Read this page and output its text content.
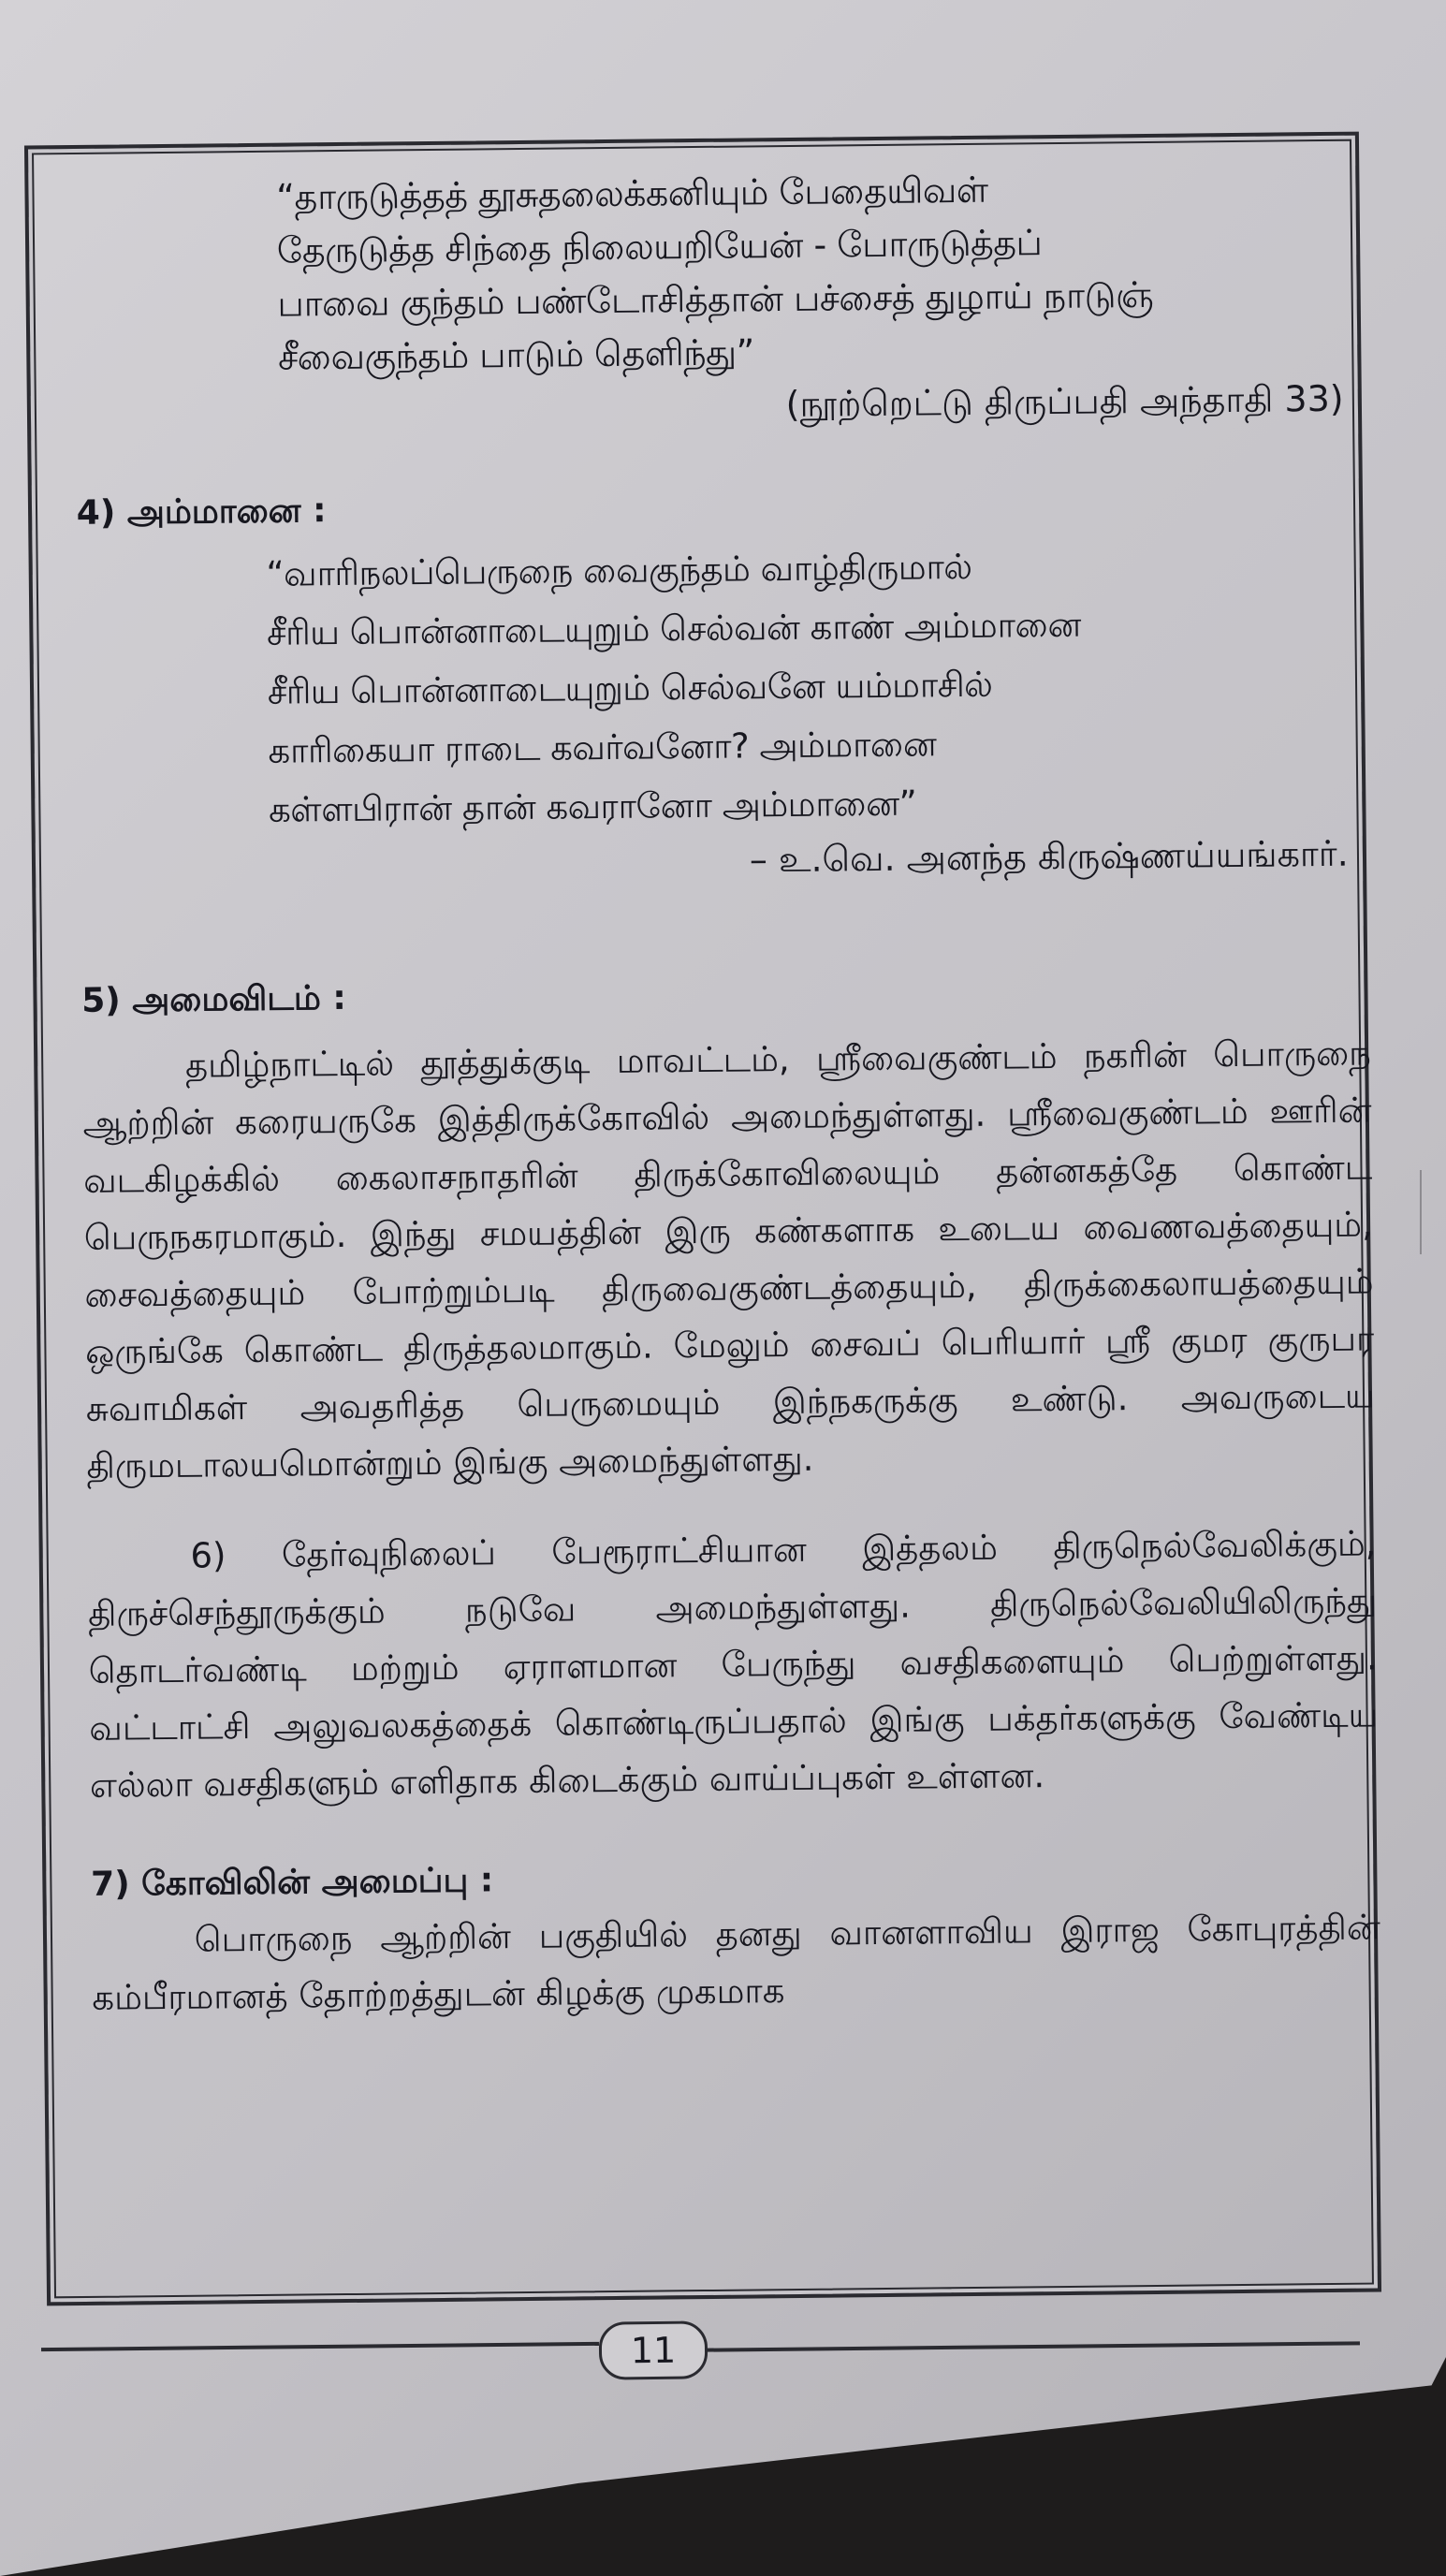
“தாருடுத்தத் தூசுதலைக்கனியும் பேதையிவள்
தேருடுத்த சிந்தை நிலையறியேன் - போருடுத்தப்
பாவை குந்தம் பண்டோசித்தான் பச்சைத் துழாய் நாடுஞ்
சீவைகுந்தம் பாடும் தெளிந்து”
(நூற்றெட்டு திருப்பதி அந்தாதி 33)
4) அம்மானை :
“வாரிநலப்பெருநை வைகுந்தம் வாழ்திருமால்
சீரிய பொன்னாடையுறும் செல்வன் காண் அம்மானை
சீரிய பொன்னாடையுறும் செல்வனே யம்மாசில்
காரிகையா ராடை கவர்வனோ? அம்மானை
கள்ளபிரான் தான் கவரானோ அம்மானை”
– உ.வெ. அனந்த கிருஷ்ணய்யங்கார்.
5) அமைவிடம் :

தமிழ்நாட்டில் தூத்துக்குடி மாவட்டம், ஸ்ரீவைகுண்டம் நகரின் பொருநை ஆற்றின் கரையருகே இத்திருக்கோவில் அமைந்துள்ளது. ஸ்ரீவைகுண்டம் ஊரின் வடகிழக்கில் கைலாசநாதரின் திருக்கோவிலையும் தன்னகத்தே கொண்ட பெருநகரமாகும். இந்து சமயத்தின் இரு கண்களாக உடைய வைணவத்தையும், சைவத்தையும் போற்றும்படி திருவைகுண்டத்தையும், திருக்கைலாயத்தையும் ஒருங்கே கொண்ட திருத்தலமாகும். மேலும் சைவப் பெரியார் ஸ்ரீ குமர குருபர சுவாமிகள் அவதரித்த பெருமையும் இந்நகருக்கு உண்டு. அவருடைய திருமடாலயமொன்றும் இங்கு அமைந்துள்ளது.

6) தேர்வுநிலைப் பேரூராட்சியான இத்தலம் திருநெல்வேலிக்கும், திருச்செந்தூருக்கும் நடுவே அமைந்துள்ளது. திருநெல்வேலியிலிருந்து தொடர்வண்டி மற்றும் ஏராளமான பேருந்து வசதிகளையும் பெற்றுள்ளது. வட்டாட்சி அலுவலகத்தைக் கொண்டிருப்பதால் இங்கு பக்தர்களுக்கு வேண்டிய எல்லா வசதிகளும் எளிதாக கிடைக்கும் வாய்ப்புகள் உள்ளன.

7) கோவிலின் அமைப்பு :

பொருநை ஆற்றின் பகுதியில் தனது வானளாவிய இராஜ கோபுரத்தின் கம்பீரமானத் தோற்றத்துடன் கிழக்கு முகமாக

11
